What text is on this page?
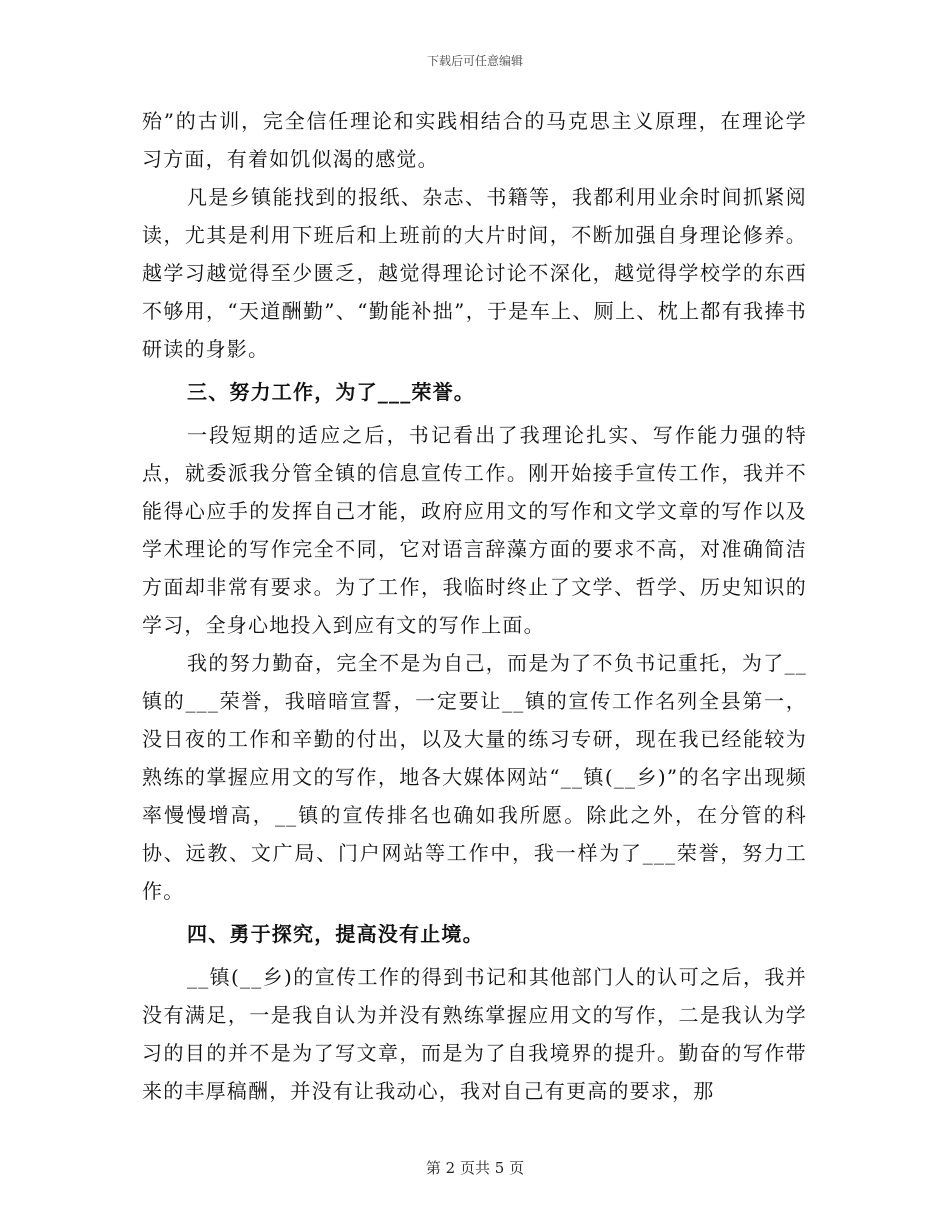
下载后可任意编辑

殆”的古训，完全信任理论和实践相结合的马克思主义原理，在理论学习方面，有着如饥似渴的感觉。

凡是乡镇能找到的报纸、杂志、书籍等，我都利用业余时间抓紧阅读，尤其是利用下班后和上班前的大片时间，不断加强自身理论修养。越学习越觉得至少匮乏，越觉得理论讨论不深化，越觉得学校学的东西不够用，“天道酬勤”、“勤能补拙”，于是车上、厕上、枕上都有我捧书研读的身影。

三、努力工作，为了___荣誉。

一段短期的适应之后，书记看出了我理论扎实、写作能力强的特点，就委派我分管全镇的信息宣传工作。刚开始接手宣传工作，我并不能得心应手的发挥自己才能，政府应用文的写作和文学文章的写作以及学术理论的写作完全不同，它对语言辞藻方面的要求不高，对准确简洁方面却非常有要求。为了工作，我临时终止了文学、哲学、历史知识的学习，全身心地投入到应有文的写作上面。

我的努力勤奋，完全不是为自己，而是为了不负书记重托，为了__镇的___荣誉，我暗暗宣誓，一定要让__镇的宣传工作名列全县第一，没日夜的工作和辛勤的付出，以及大量的练习专研，现在我已经能较为熟练的掌握应用文的写作，地各大媒体网站“__镇(__乡)”的名字出现频率慢慢增高，__镇的宣传排名也确如我所愿。除此之外，在分管的科协、远教、文广局、门户网站等工作中，我一样为了___荣誉，努力工作。

四、勇于探究，提高没有止境。

__镇(__乡)的宣传工作的得到书记和其他部门人的认可之后，我并没有满足，一是我自认为并没有熟练掌握应用文的写作，二是我认为学习的目的并不是为了写文章，而是为了自我境界的提升。勤奋的写作带来的丰厚稿酬，并没有让我动心，我对自己有更高的要求，那

第 2 页共 5 页
